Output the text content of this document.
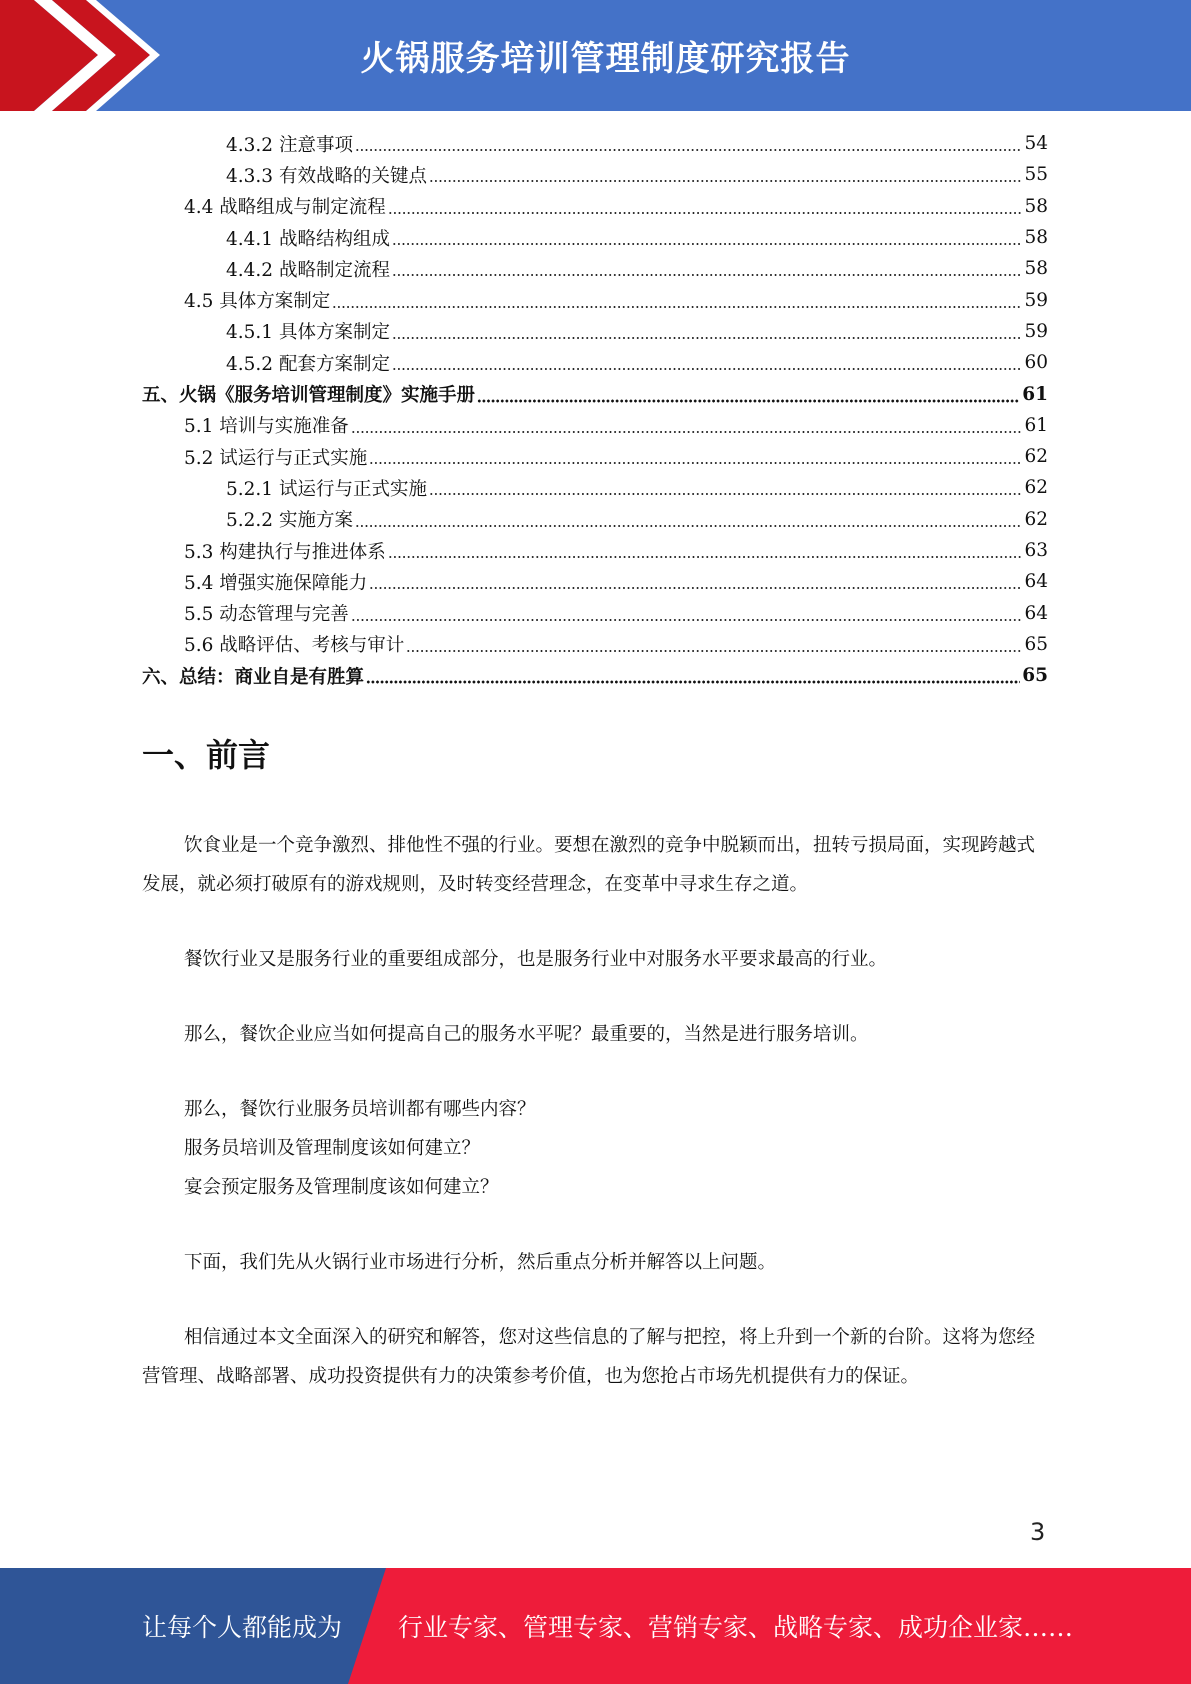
火锅服务培训管理制度研究报告
4.3.2 注意事项	54
4.3.3 有效战略的关键点	55
4.4 战略组成与制定流程	58
4.4.1 战略结构组成	58
4.4.2 战略制定流程	58
4.5 具体方案制定	59
4.5.1 具体方案制定	59
4.5.2 配套方案制定	60
五、火锅《服务培训管理制度》实施手册	61
5.1 培训与实施准备	61
5.2 试运行与正式实施	62
5.2.1 试运行与正式实施	62
5.2.2 实施方案	62
5.3 构建执行与推进体系	63
5.4 增强实施保障能力	64
5.5 动态管理与完善	64
5.6 战略评估、考核与审计	65
六、总结：商业自是有胜算	65
一、前言

饮食业是一个竞争激烈、排他性不强的行业。要想在激烈的竞争中脱颖而出，扭转亏损局面，实现跨越式发展，就必须打破原有的游戏规则，及时转变经营理念，在变革中寻求生存之道。

餐饮行业又是服务行业的重要组成部分，也是服务行业中对服务水平要求最高的行业。

那么，餐饮企业应当如何提高自己的服务水平呢？最重要的，当然是进行服务培训。

那么，餐饮行业服务员培训都有哪些内容？

服务员培训及管理制度该如何建立？

宴会预定服务及管理制度该如何建立？

下面，我们先从火锅行业市场进行分析，然后重点分析并解答以上问题。

相信通过本文全面深入的研究和解答，您对这些信息的了解与把控，将上升到一个新的台阶。这将为您经营管理、战略部署、成功投资提供有力的决策参考价值，也为您抢占市场先机提供有力的保证。

3
让每个人都能成为 行业专家、管理专家、营销专家、战略专家、成功企业家……
